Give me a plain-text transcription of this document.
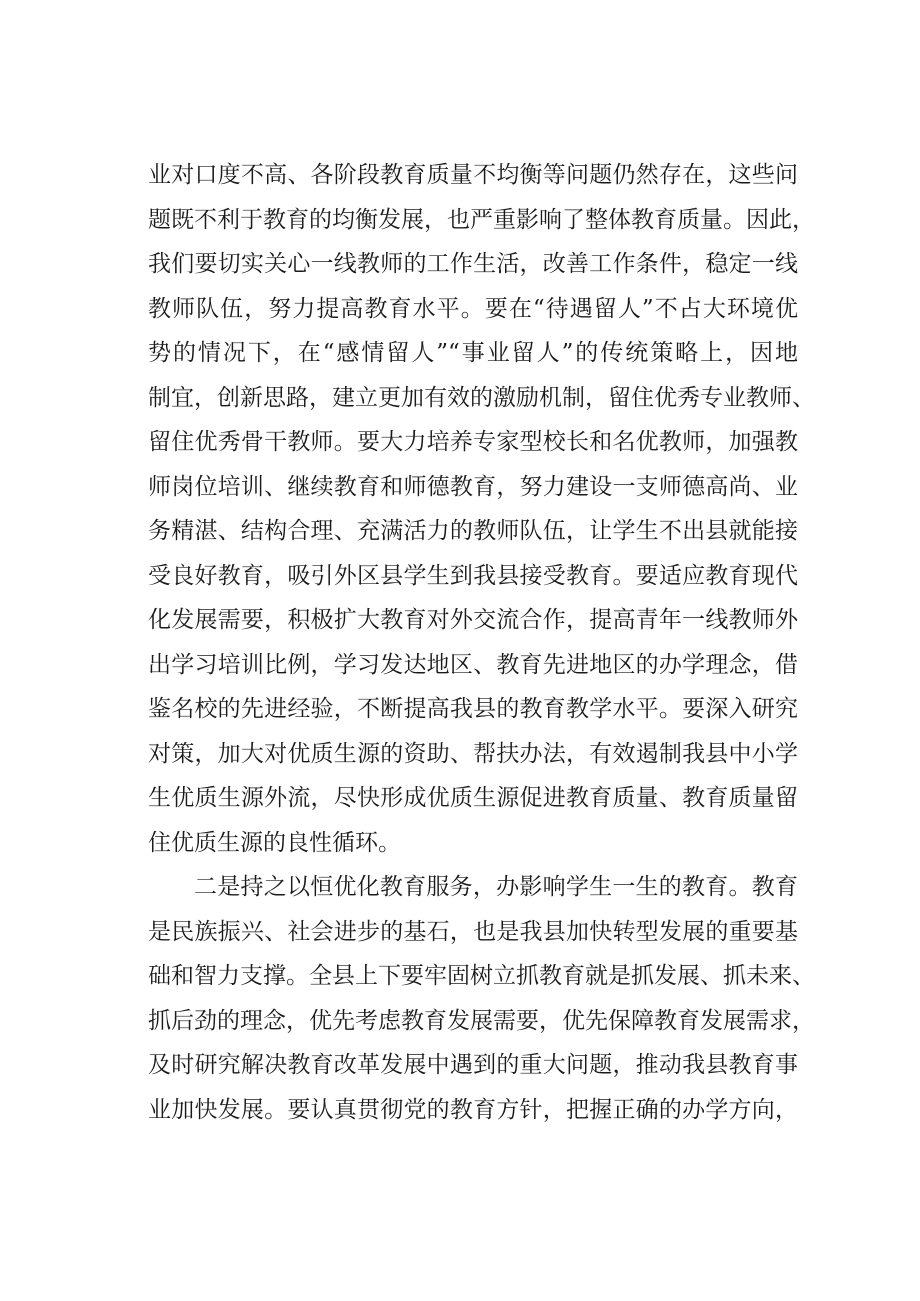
业对口度不高、各阶段教育质量不均衡等问题仍然存在，这些问
题既不利于教育的均衡发展，也严重影响了整体教育质量。因此，
我们要切实关心一线教师的工作生活，改善工作条件，稳定一线
教师队伍，努力提高教育水平。要在“待遇留人”不占大环境优
势的情况下，在“感情留人”“事业留人”的传统策略上，因地
制宜，创新思路，建立更加有效的激励机制，留住优秀专业教师、
留住优秀骨干教师。要大力培养专家型校长和名优教师，加强教
师岗位培训、继续教育和师德教育，努力建设一支师德高尚、业
务精湛、结构合理、充满活力的教师队伍，让学生不出县就能接
受良好教育，吸引外区县学生到我县接受教育。要适应教育现代
化发展需要，积极扩大教育对外交流合作，提高青年一线教师外
出学习培训比例，学习发达地区、教育先进地区的办学理念，借
鉴名校的先进经验，不断提高我县的教育教学水平。要深入研究
对策，加大对优质生源的资助、帮扶办法，有效遏制我县中小学
生优质生源外流，尽快形成优质生源促进教育质量、教育质量留
住优质生源的良性循环。
二是持之以恒优化教育服务，办影响学生一生的教育。教育
是民族振兴、社会进步的基石，也是我县加快转型发展的重要基
础和智力支撑。全县上下要牢固树立抓教育就是抓发展、抓未来、
抓后劲的理念，优先考虑教育发展需要，优先保障教育发展需求，
及时研究解决教育改革发展中遇到的重大问题，推动我县教育事
业加快发展。要认真贯彻党的教育方针，把握正确的办学方向，
